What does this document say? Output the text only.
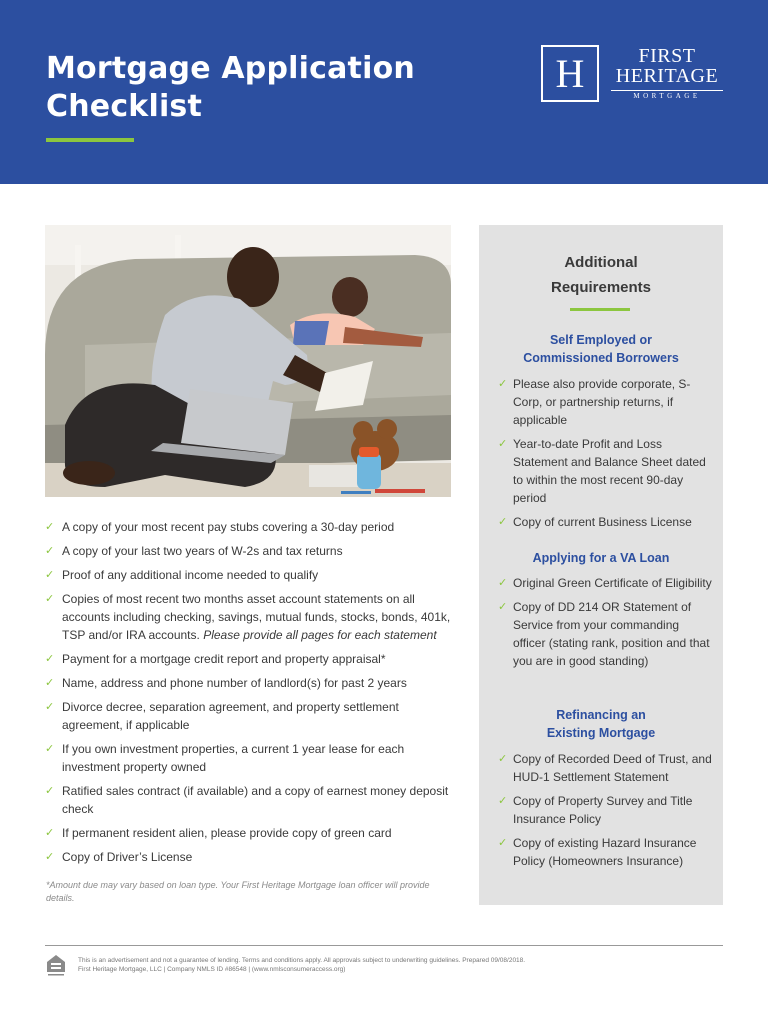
Mortgage Application
Checklist
H	FIRST
HERITAGE
MORTGAGE
✓ A copy of your most recent pay stubs covering a 30-day period
✓ A copy of your last two years of W-2s and tax returns
✓ Proof of any additional income needed to qualify
✓ Copies of most recent two months asset account statements on all accounts including checking, savings, mutual funds, stocks, bonds, 401k, TSP and/or IRA accounts. Please provide all pages for each statement
✓ Payment for a mortgage credit report and property appraisal*
✓ Name, address and phone number of landlord(s) for past 2 years
✓ Divorce decree, separation agreement, and property settlement agreement, if applicable
✓ If you own investment properties, a current 1 year lease for each investment property owned
✓ Ratified sales contract (if available) and a copy of earnest money deposit check
✓ If permanent resident alien, please provide copy of green card
✓ Copy of Driver’s License
*Amount due may vary based on loan type. Your First Heritage Mortgage loan officer will provide details.
Additional
Requirements
Self Employed or
Commissioned Borrowers
✓ Please also provide corporate, S-Corp, or partnership returns, if applicable
✓ Year-to-date Profit and Loss Statement and Balance Sheet dated to within the most recent 90-day period
✓ Copy of current Business License
Applying for a VA Loan
✓ Original Green Certificate of Eligibility
✓ Copy of DD 214 OR Statement of Service from your commanding officer (stating rank, position and that you are in good standing)
Refinancing an
Existing Mortgage
✓ Copy of Recorded Deed of Trust, and HUD-1 Settlement Statement
✓ Copy of Property Survey and Title Insurance Policy
✓ Copy of existing Hazard Insurance Policy (Homeowners Insurance)
This is an advertisement and not a guarantee of lending. Terms and conditions apply. All approvals subject to underwriting guidelines. Prepared 09/08/2018.
First Heritage Mortgage, LLC | Company NMLS ID #86548 | (www.nmlsconsumeraccess.org)
